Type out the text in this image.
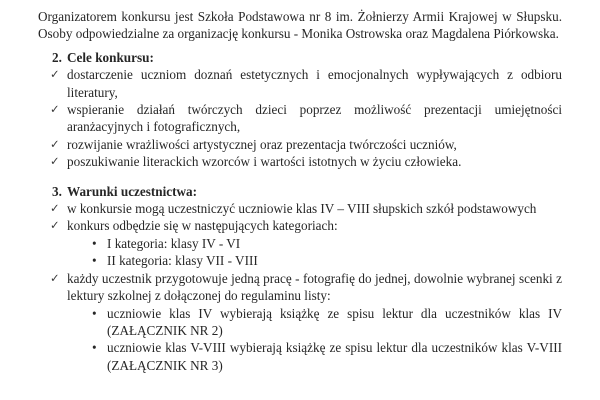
Organizatorem konkursu jest Szkoła Podstawowa nr 8 im. Żołnierzy Armii Krajowej w Słupsku. Osoby odpowiedzialne za organizację konkursu - Monika Ostrowska oraz Magdalena Piórkowska.

2. Cele konkursu:
✓ dostarczenie uczniom doznań estetycznych i emocjonalnych wypływających z odbioru literatury,
✓ wspieranie działań twórczych dzieci poprzez możliwość prezentacji umiejętności aranżacyjnych i fotograficznych,
✓ rozwijanie wrażliwości artystycznej oraz prezentacja twórczości uczniów,
✓ poszukiwanie literackich wzorców i wartości istotnych w życiu człowieka.
3. Warunki uczestnictwa:
✓ w konkursie mogą uczestniczyć uczniowie klas IV – VIII słupskich szkół podstawowych
✓ konkurs odbędzie się w następujących kategoriach:
• I kategoria: klasy IV - VI
• II kategoria: klasy VII - VIII
✓ każdy uczestnik przygotowuje jedną pracę - fotografię do jednej, dowolnie wybranej scenki z lektury szkolnej z dołączonej do regulaminu listy:
• uczniowie klas IV wybierają książkę ze spisu lektur dla uczestników klas IV (ZAŁĄCZNIK NR 2)
• uczniowie klas V-VIII wybierają książkę ze spisu lektur dla uczestników klas V-VIII (ZAŁĄCZNIK NR 3)
